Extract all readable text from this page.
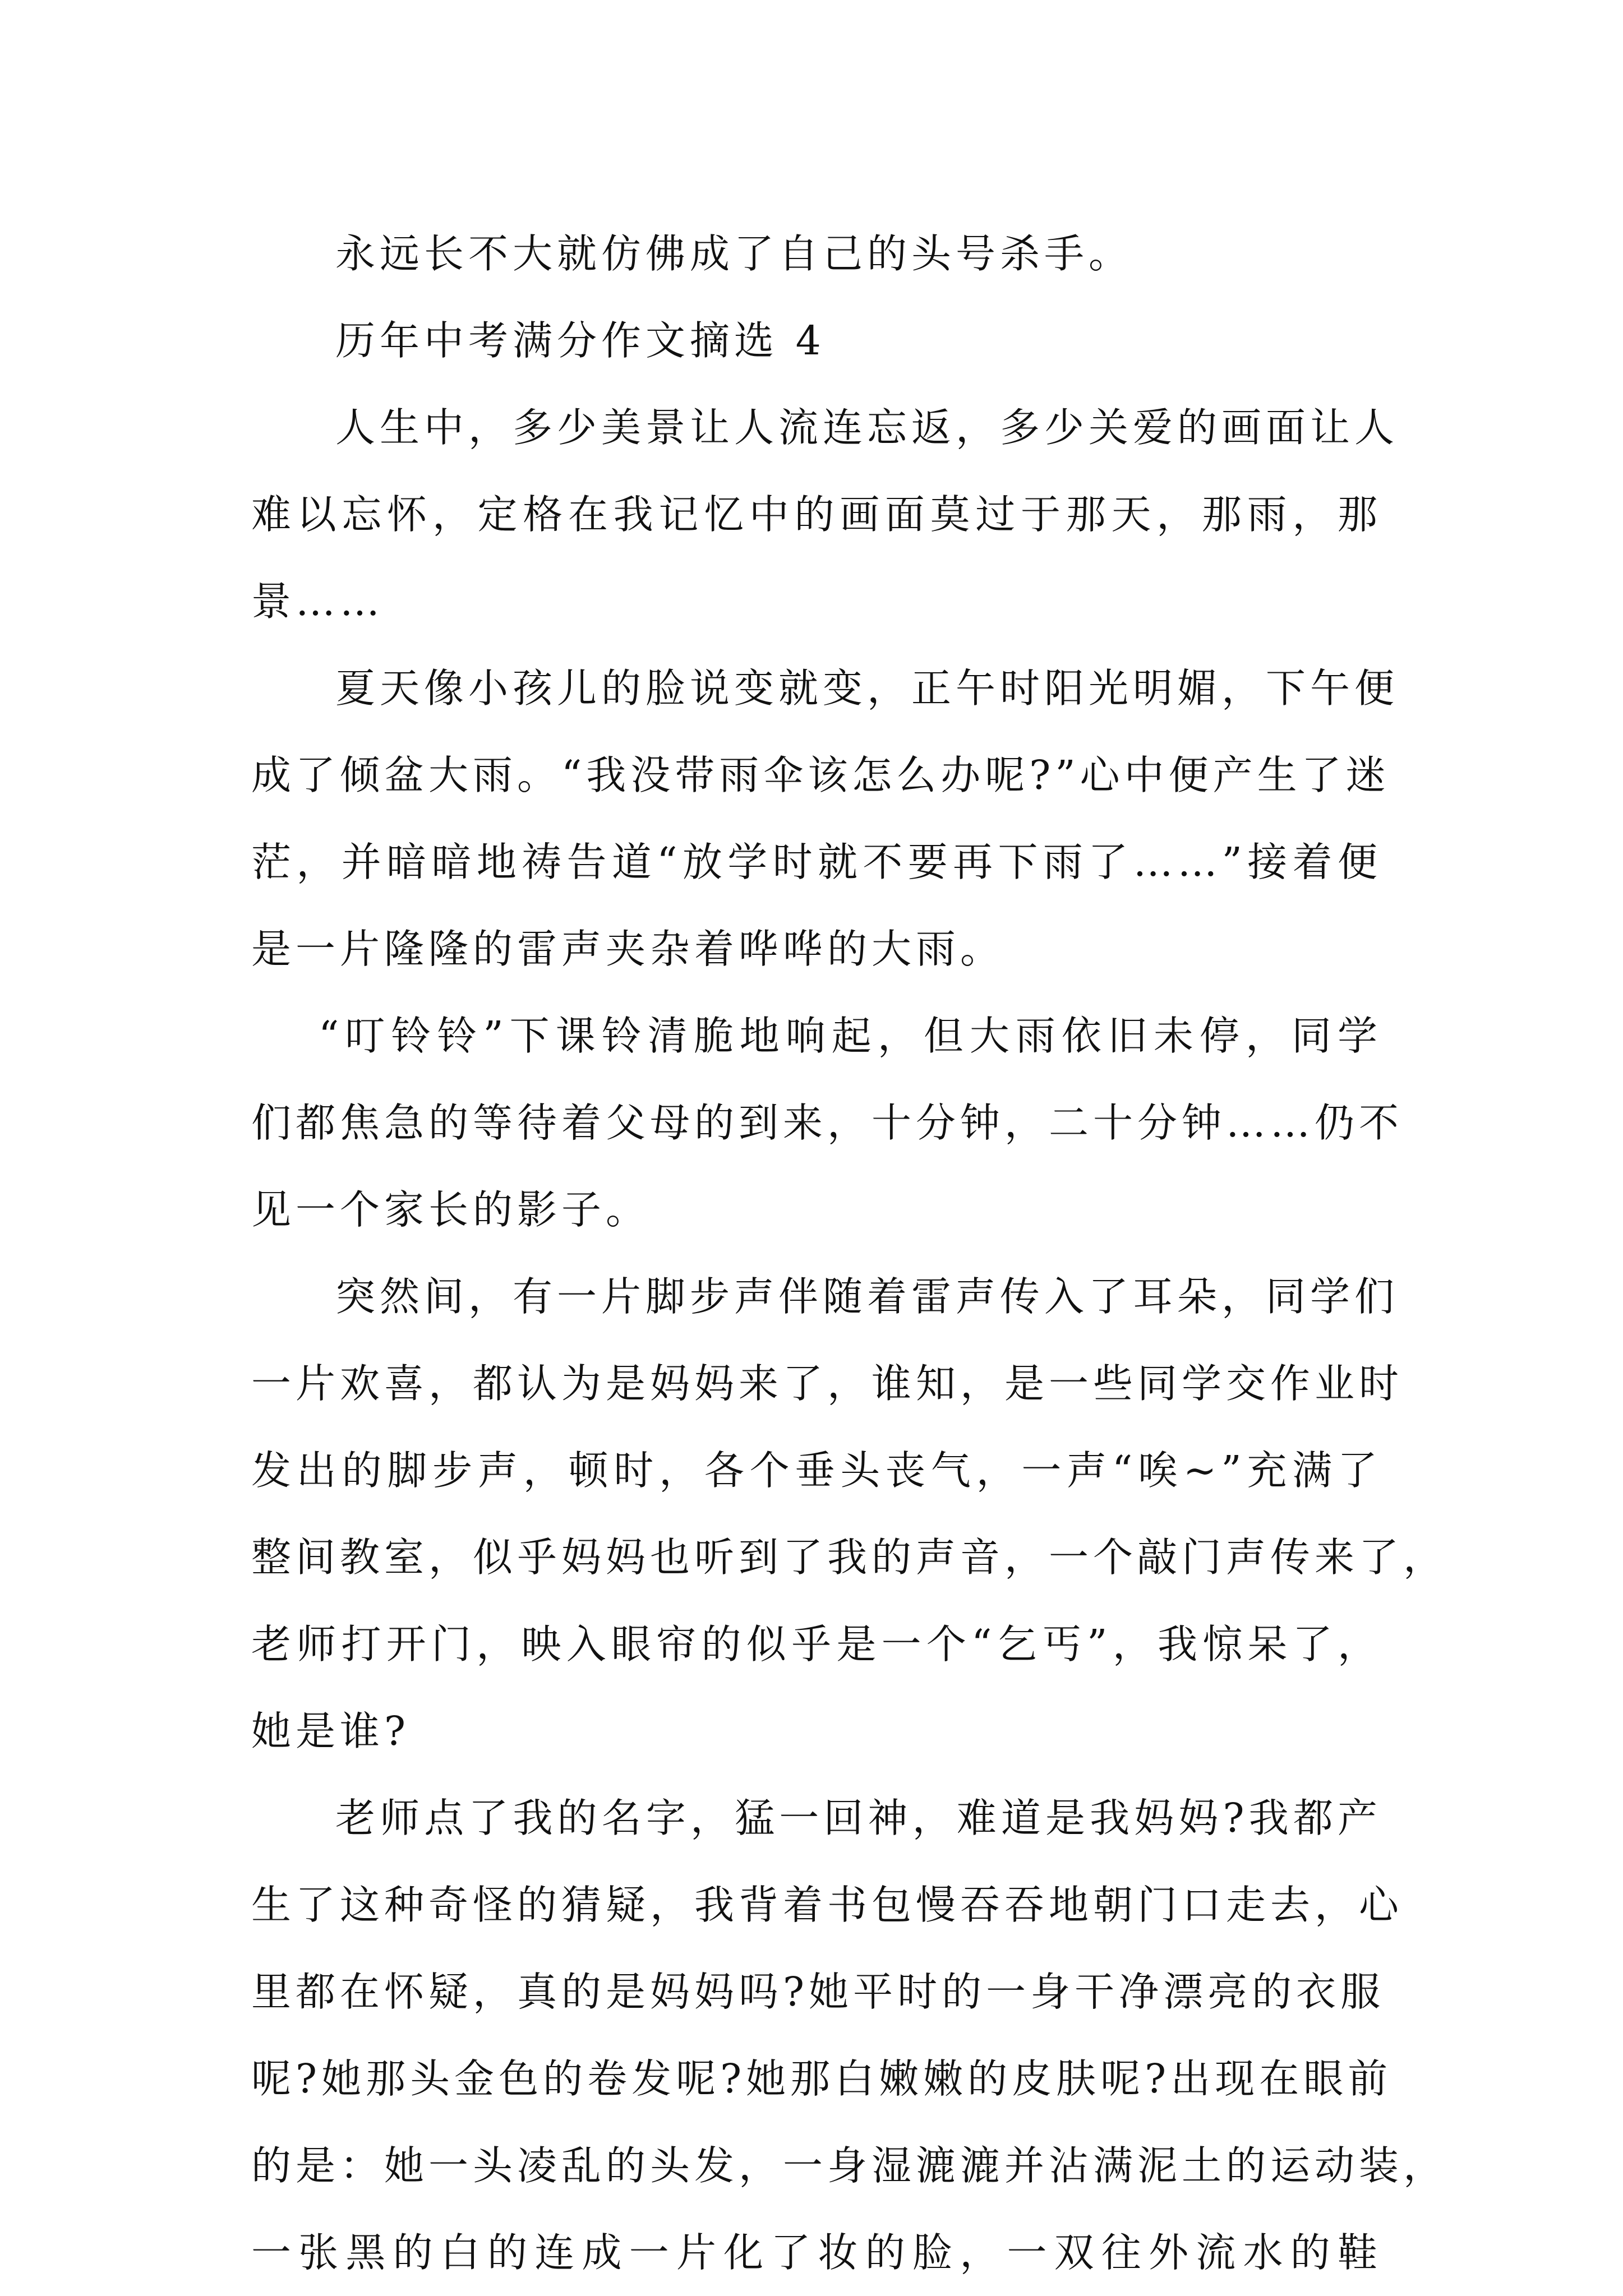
永远长不大就仿佛成了自己的头号杀手。
历年中考满分作文摘选 4
人生中，多少美景让人流连忘返，多少关爱的画面让人
难以忘怀，定格在我记忆中的画面莫过于那天，那雨，那
景……
夏天像小孩儿的脸说变就变，正午时阳光明媚，下午便
成了倾盆大雨。“我没带雨伞该怎么办呢?”心中便产生了迷
茫，并暗暗地祷告道“放学时就不要再下雨了……”接着便
是一片隆隆的雷声夹杂着哗哗的大雨。
“叮铃铃”下课铃清脆地响起，但大雨依旧未停，同学
们都焦急的等待着父母的到来，十分钟，二十分钟……仍不
见一个家长的影子。
突然间，有一片脚步声伴随着雷声传入了耳朵，同学们
一片欢喜，都认为是妈妈来了，谁知，是一些同学交作业时
发出的脚步声，顿时，各个垂头丧气，一声“唉~”充满了
整间教室，似乎妈妈也听到了我的声音，一个敲门声传来了，
老师打开门，映入眼帘的似乎是一个“乞丐”，我惊呆了，
她是谁?
老师点了我的名字，猛一回神，难道是我妈妈?我都产
生了这种奇怪的猜疑，我背着书包慢吞吞地朝门口走去，心
里都在怀疑，真的是妈妈吗?她平时的一身干净漂亮的衣服
呢?她那头金色的卷发呢?她那白嫩嫩的皮肤呢?出现在眼前
的是：她一头凌乱的头发，一身湿漉漉并沾满泥土的运动装，
一张黑的白的连成一片化了妆的脸，一双往外流水的鞋
